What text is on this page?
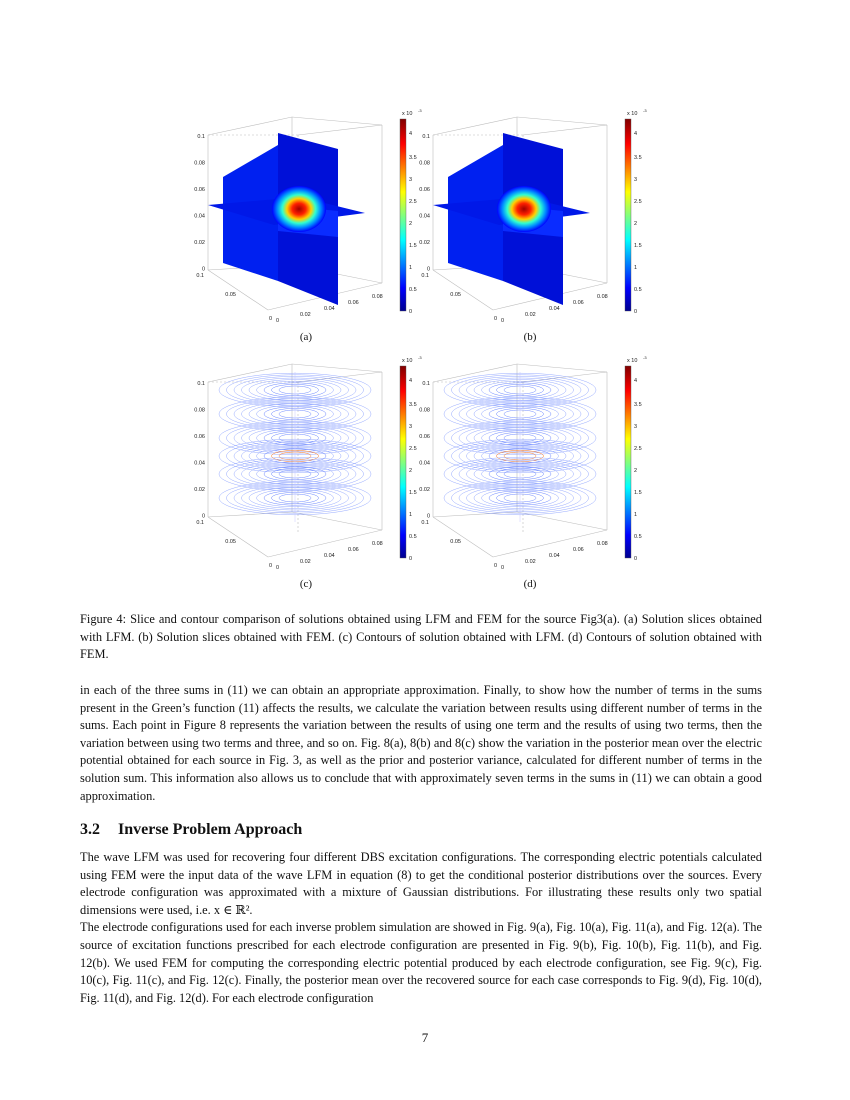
0.1
0.08
0.06
0.04
0.02
0
0.1
0.05
0 0
0.02
0.04
0.06
0.08
4
3.5
3
2.5
2
1.5
1
0.5
0
x 10
-3
0.1
0.08
0.06
0.04
0.02
0
0.1
0.05
0 0
0.02
0.04
0.06
0.08
4
3.5
3
2.5
2
1.5
1
0.5
0
x 10
-3
0.1
0.08
0.06
0.04
0.02
0
0.1
0.05
0 0
0.02
0.04
0.06
0.08
4
3.5
3
2.5
2
1.5
1
0.5
0
x 10
-3
0.1
0.08
0.06
0.04
0.02
0
0.1
0.05
0 0
0.02
0.04
0.06
0.08
4
3.5
3
2.5
2
1.5
1
0.5
0
x 10
-3
(a)	(b)
(c)	(d)
Figure 4: Slice and contour comparison of solutions obtained using LFM and FEM for the source Fig3(a). (a) Solution slices obtained with LFM. (b) Solution slices obtained with FEM. (c) Contours of solution obtained with LFM. (d) Contours of solution obtained with FEM.

in each of the three sums in (11) we can obtain an appropriate approximation. Finally, to show how the number of terms in the sums present in the Green’s function (11) affects the results, we calculate the variation between results using different number of terms in the sums. Each point in Figure 8 represents the variation between the results of using one term and the results of using two terms, then the variation between using two terms and three, and so on. Fig. 8(a), 8(b) and 8(c) show the variation in the posterior mean over the electric potential obtained for each source in Fig. 3, as well as the prior and posterior variance, calculated for different number of terms in the solution sum. This information also allows us to conclude that with approximately seven terms in the sums in (11) we can obtain a good approximation.

3.2 Inverse Problem Approach

The wave LFM was used for recovering four different DBS excitation configurations. The corresponding electric potentials calculated using FEM were the input data of the wave LFM in equation (8) to get the conditional posterior distributions over the sources. Every electrode configuration was approximated with a mixture of Gaussian distributions. For illustrating these results only two spatial dimensions were used, i.e. x ∈ ℝ².

The electrode configurations used for each inverse problem simulation are showed in Fig. 9(a), Fig. 10(a), Fig. 11(a), and Fig. 12(a). The source of excitation functions prescribed for each electrode configuration are presented in Fig. 9(b), Fig. 10(b), Fig. 11(b), and Fig. 12(b). We used FEM for computing the corresponding electric potential produced by each electrode configuration, see Fig. 9(c), Fig. 10(c), Fig. 11(c), and Fig. 12(c). Finally, the posterior mean over the recovered source for each case corresponds to Fig. 9(d), Fig. 10(d), Fig. 11(d), and Fig. 12(d). For each electrode configuration

7
